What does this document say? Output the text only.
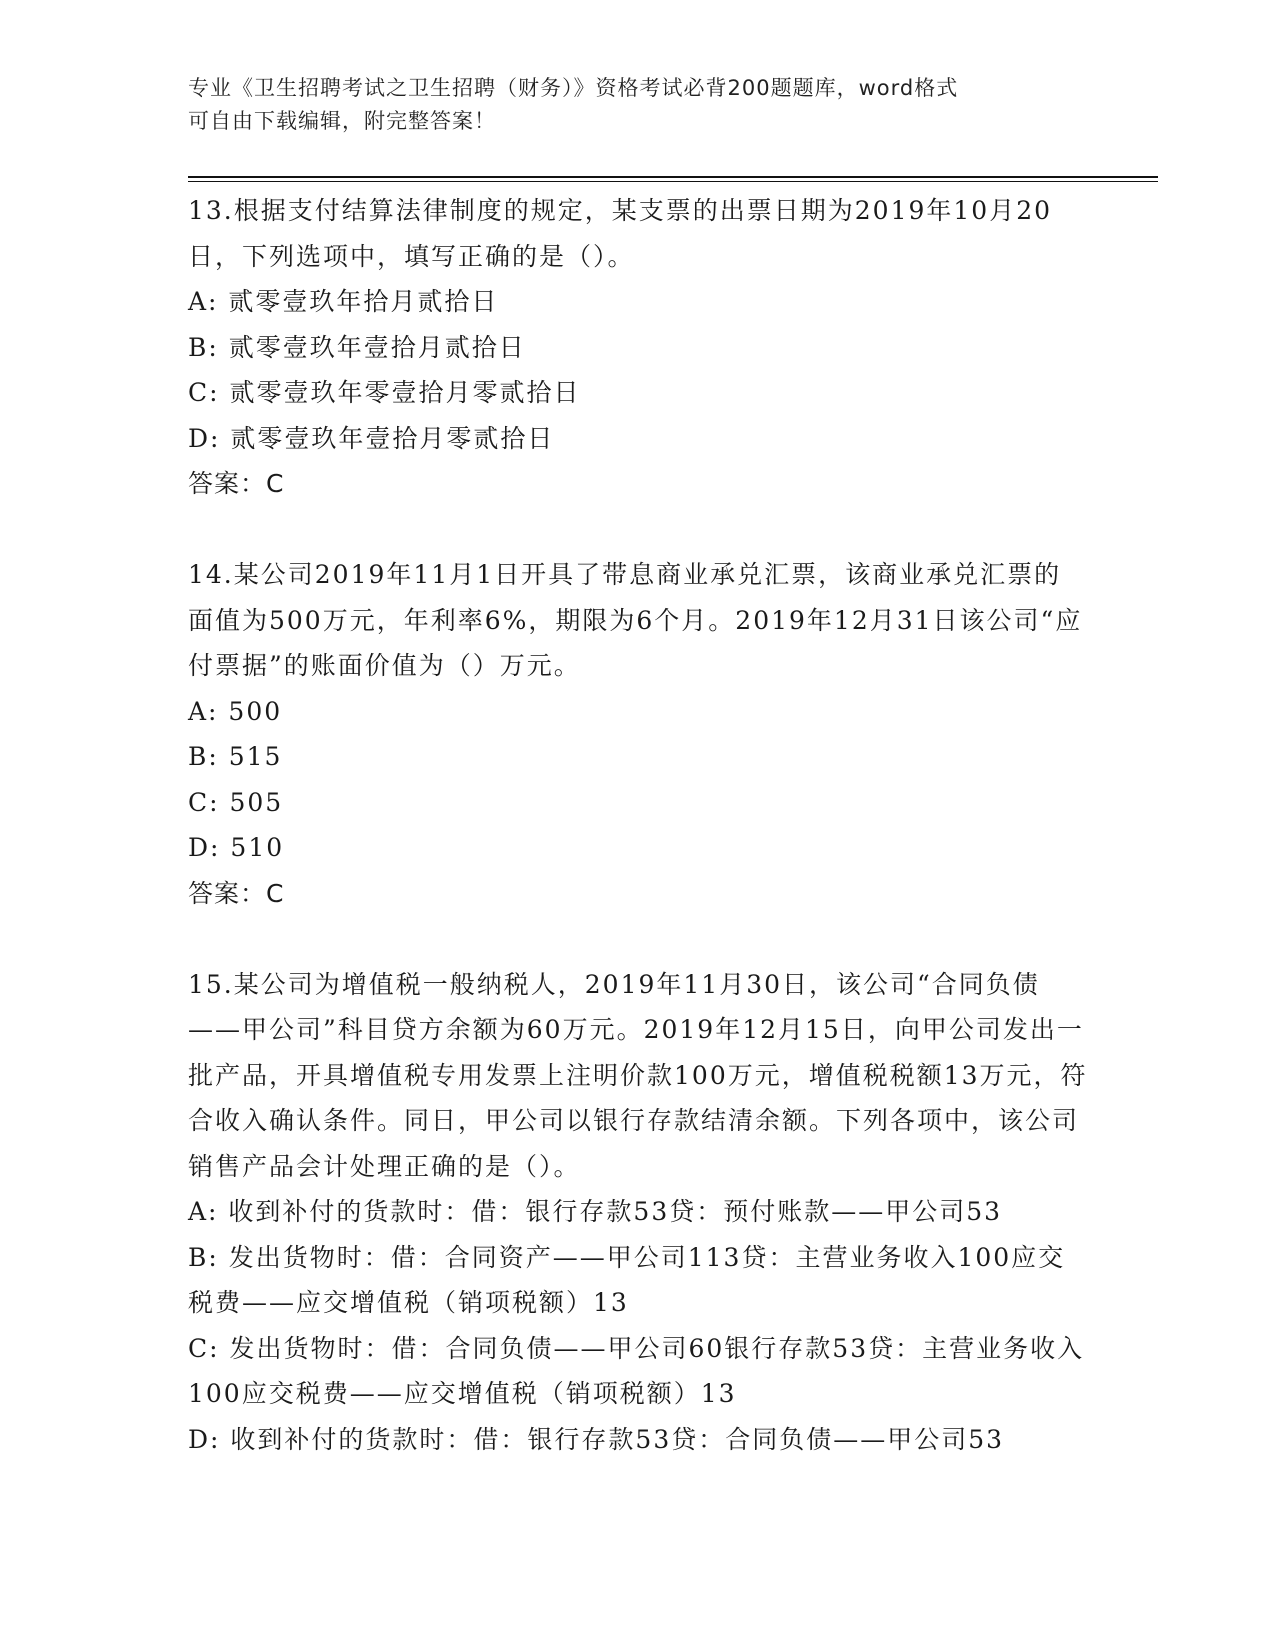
专业《卫生招聘考试之卫生招聘（财务）》资格考试必背200题题库，word格式
可自由下载编辑，附完整答案！

13.根据支付结算法律制度的规定，某支票的出票日期为2019年10月20日，下列选项中，填写正确的是（）。

A: 贰零壹玖年拾月贰拾日

B: 贰零壹玖年壹拾月贰拾日

C: 贰零壹玖年零壹拾月零贰拾日

D: 贰零壹玖年壹拾月零贰拾日

答案：C

14.某公司2019年11月1日开具了带息商业承兑汇票，该商业承兑汇票的面值为500万元，年利率6%，期限为6个月。2019年12月31日该公司“应付票据”的账面价值为（）万元。

A: 500

B: 515

C: 505

D: 510

答案：C

15.某公司为增值税一般纳税人，2019年11月30日，该公司“合同负债——甲公司”科目贷方余额为60万元。2019年12月15日，向甲公司发出一批产品，开具增值税专用发票上注明价款100万元，增值税税额13万元，符合收入确认条件。同日，甲公司以银行存款结清余额。下列各项中，该公司销售产品会计处理正确的是（）。

A: 收到补付的货款时：借：银行存款53贷：预付账款——甲公司53

B: 发出货物时：借：合同资产——甲公司113贷：主营业务收入100应交税费——应交增值税（销项税额）13

C: 发出货物时：借：合同负债——甲公司60银行存款53贷：主营业务收入100应交税费——应交增值税（销项税额）13

D: 收到补付的货款时：借：银行存款53贷：合同负债——甲公司53
